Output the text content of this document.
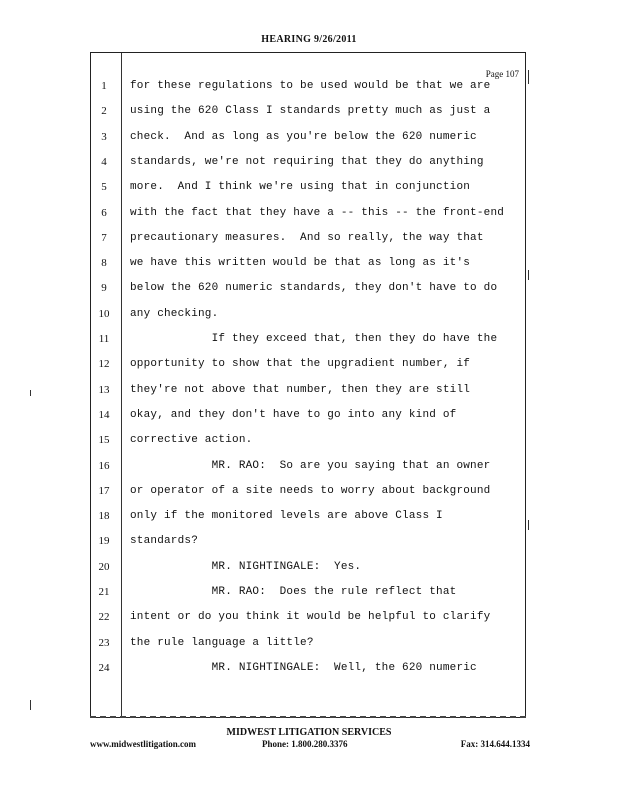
HEARING 9/26/2011
Page 107
1	for these regulations to be used would be that we are
2	using the 620 Class I standards pretty much as just a
3	check.  And as long as you're below the 620 numeric
4	standards, we're not requiring that they do anything
5	more.  And I think we're using that in conjunction
6	with the fact that they have a -- this -- the front-end
7	precautionary measures.  And so really, the way that
8	we have this written would be that as long as it's
9	below the 620 numeric standards, they don't have to do
10	any checking.
11	If they exceed that, then they do have the
12	opportunity to show that the upgradient number, if
13	they're not above that number, then they are still
14	okay, and they don't have to go into any kind of
15	corrective action.
16	MR. RAO:  So are you saying that an owner
17	or operator of a site needs to worry about background
18	only if the monitored levels are above Class I
19	standards?
20	MR. NIGHTINGALE:  Yes.
21	MR. RAO:  Does the rule reflect that
22	intent or do you think it would be helpful to clarify
23	the rule language a little?
24	MR. NIGHTINGALE:  Well, the 620 numeric
MIDWEST LITIGATION SERVICES
www.midwestlitigation.com	Phone: 1.800.280.3376	Fax: 314.644.1334
